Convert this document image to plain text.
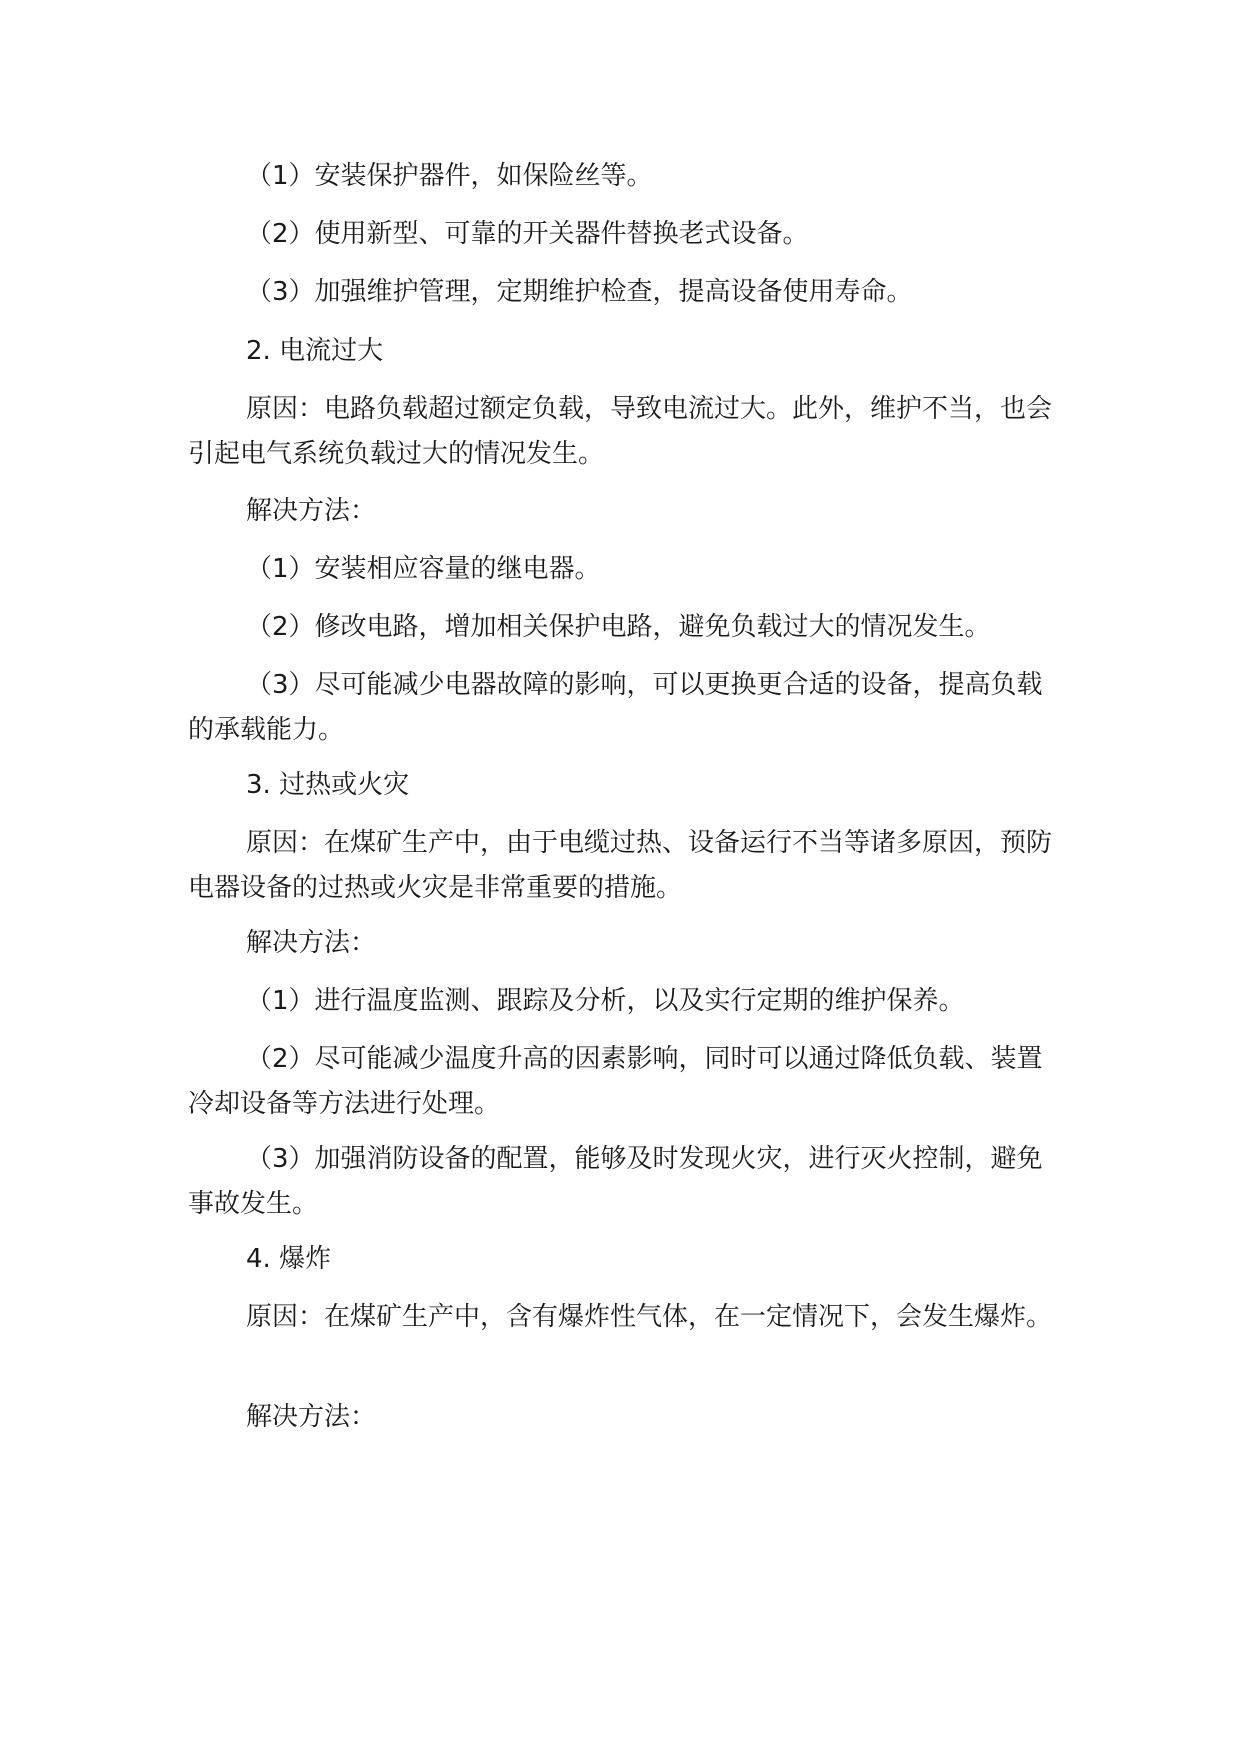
（1）安装保护器件，如保险丝等。

（2）使用新型、可靠的开关器件替换老式设备。

（3）加强维护管理，定期维护检查，提高设备使用寿命。

2. 电流过大

原因：电路负载超过额定负载，导致电流过大。此外，维护不当，也会引起电气系统负载过大的情况发生。

解决方法：

（1）安装相应容量的继电器。

（2）修改电路，增加相关保护电路，避免负载过大的情况发生。

（3）尽可能减少电器故障的影响，可以更换更合适的设备，提高负载的承载能力。

3. 过热或火灾

原因：在煤矿生产中，由于电缆过热、设备运行不当等诸多原因，预防电器设备的过热或火灾是非常重要的措施。

解决方法：

（1）进行温度监测、跟踪及分析，以及实行定期的维护保养。

（2）尽可能减少温度升高的因素影响，同时可以通过降低负载、装置冷却设备等方法进行处理。

（3）加强消防设备的配置，能够及时发现火灾，进行灭火控制，避免事故发生。

4. 爆炸

原因：在煤矿生产中，含有爆炸性气体，在一定情况下，会发生爆炸。

解决方法：
